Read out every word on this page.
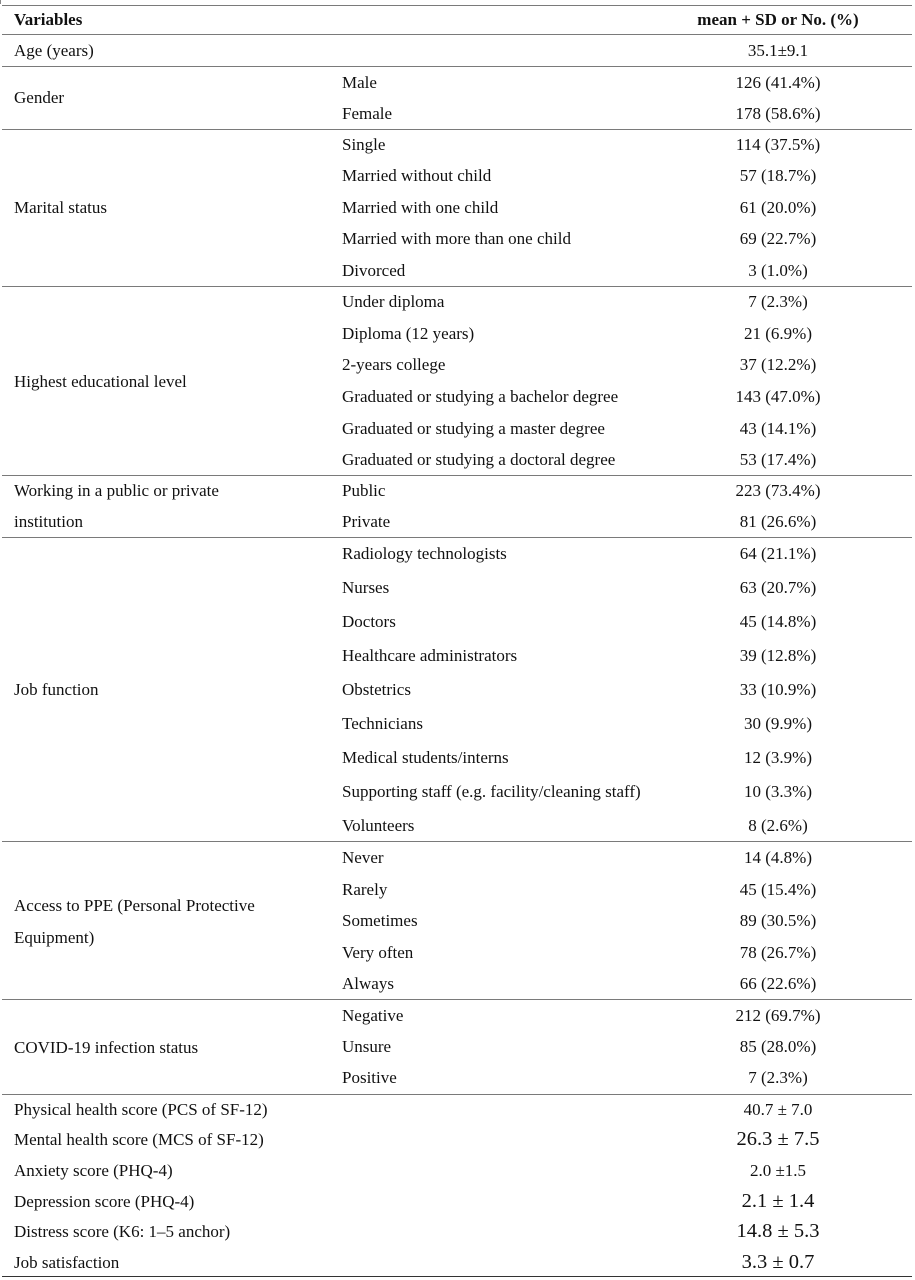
Variables	mean + SD or No. (%)
Age (years)	35.1±9.1
Gender
Male	126 (41.4%)
Female	178 (58.6%)
Marital status
Single	114 (37.5%)
Married without child	57 (18.7%)
Married with one child	61 (20.0%)
Married with more than one child	69 (22.7%)
Divorced	3 (1.0%)
Highest educational level
Under diploma	7 (2.3%)
Diploma (12 years)	21 (6.9%)
2-years college	37 (12.2%)
Graduated or studying a bachelor degree	143 (47.0%)
Graduated or studying a master degree	43 (14.1%)
Graduated or studying a doctoral degree	53 (17.4%)
Working in a public or private
institution
Public	223 (73.4%)
Private	81 (26.6%)
Job function
Radiology technologists	64 (21.1%)
Nurses	63 (20.7%)
Doctors	45 (14.8%)
Healthcare administrators	39 (12.8%)
Obstetrics	33 (10.9%)
Technicians	30 (9.9%)
Medical students/interns	12 (3.9%)
Supporting staff (e.g. facility/cleaning staff)	10 (3.3%)
Volunteers	8 (2.6%)
Access to PPE (Personal Protective
Equipment)
Never	14 (4.8%)
Rarely	45 (15.4%)
Sometimes	89 (30.5%)
Very often	78 (26.7%)
Always	66 (22.6%)
COVID-19 infection status
Negative	212 (69.7%)
Unsure	85 (28.0%)
Positive	7 (2.3%)
Physical health score (PCS of SF-12)	40.7 ± 7.0
Mental health score (MCS of SF-12)	26.3 ± 7.5
Anxiety score (PHQ-4)	2.0 ±1.5
Depression score (PHQ-4)	2.1 ± 1.4
Distress score (K6: 1–5 anchor)	14.8 ± 5.3
Job satisfaction	3.3 ± 0.7
